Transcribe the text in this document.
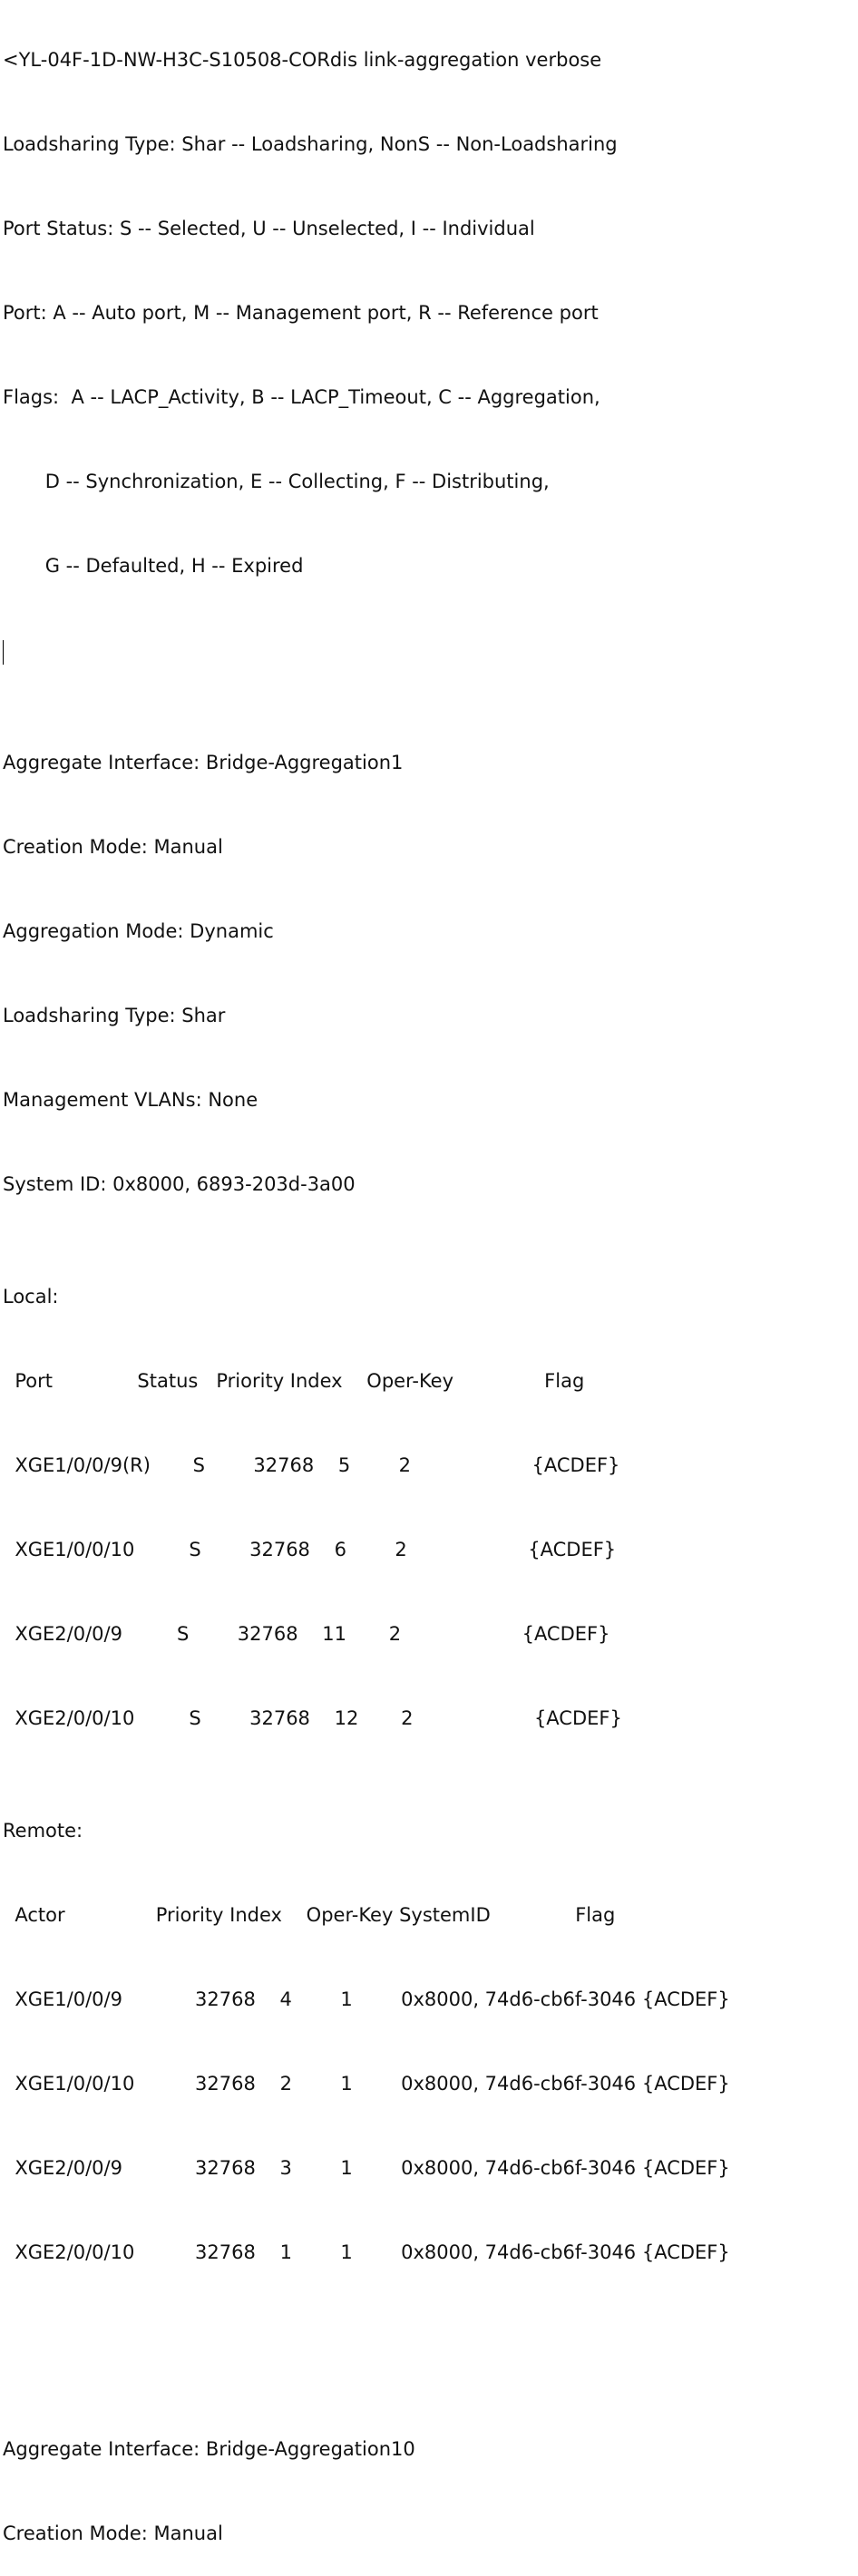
<YL-04F-1D-NW-H3C-S10508-CORdis link-aggregation verbose

Loadsharing Type: Shar -- Loadsharing, NonS -- Non-Loadsharing

Port Status: S -- Selected, U -- Unselected, I -- Individual

Port: A -- Auto port, M -- Management port, R -- Reference port

Flags:  A -- LACP_Activity, B -- LACP_Timeout, C -- Aggregation,

D -- Synchronization, E -- Collecting, F -- Distributing,

G -- Defaulted, H -- Expired

Aggregate Interface: Bridge-Aggregation1

Creation Mode: Manual

Aggregation Mode: Dynamic

Loadsharing Type: Shar

Management VLANs: None

System ID: 0x8000, 6893-203d-3a00

Local:

Port              Status   Priority Index    Oper-Key               Flag

XGE1/0/0/9(R)       S        32768    5        2                    {ACDEF}

XGE1/0/0/10         S        32768    6        2                    {ACDEF}

XGE2/0/0/9         S        32768    11       2                    {ACDEF}

XGE2/0/0/10         S        32768    12       2                    {ACDEF}

Remote:

Actor               Priority Index    Oper-Key SystemID              Flag

XGE1/0/0/9            32768    4        1        0x8000, 74d6-cb6f-3046 {ACDEF}

XGE1/0/0/10          32768    2        1        0x8000, 74d6-cb6f-3046 {ACDEF}

XGE2/0/0/9            32768    3        1        0x8000, 74d6-cb6f-3046 {ACDEF}

XGE2/0/0/10          32768    1        1        0x8000, 74d6-cb6f-3046 {ACDEF}

Aggregate Interface: Bridge-Aggregation10

Creation Mode: Manual
